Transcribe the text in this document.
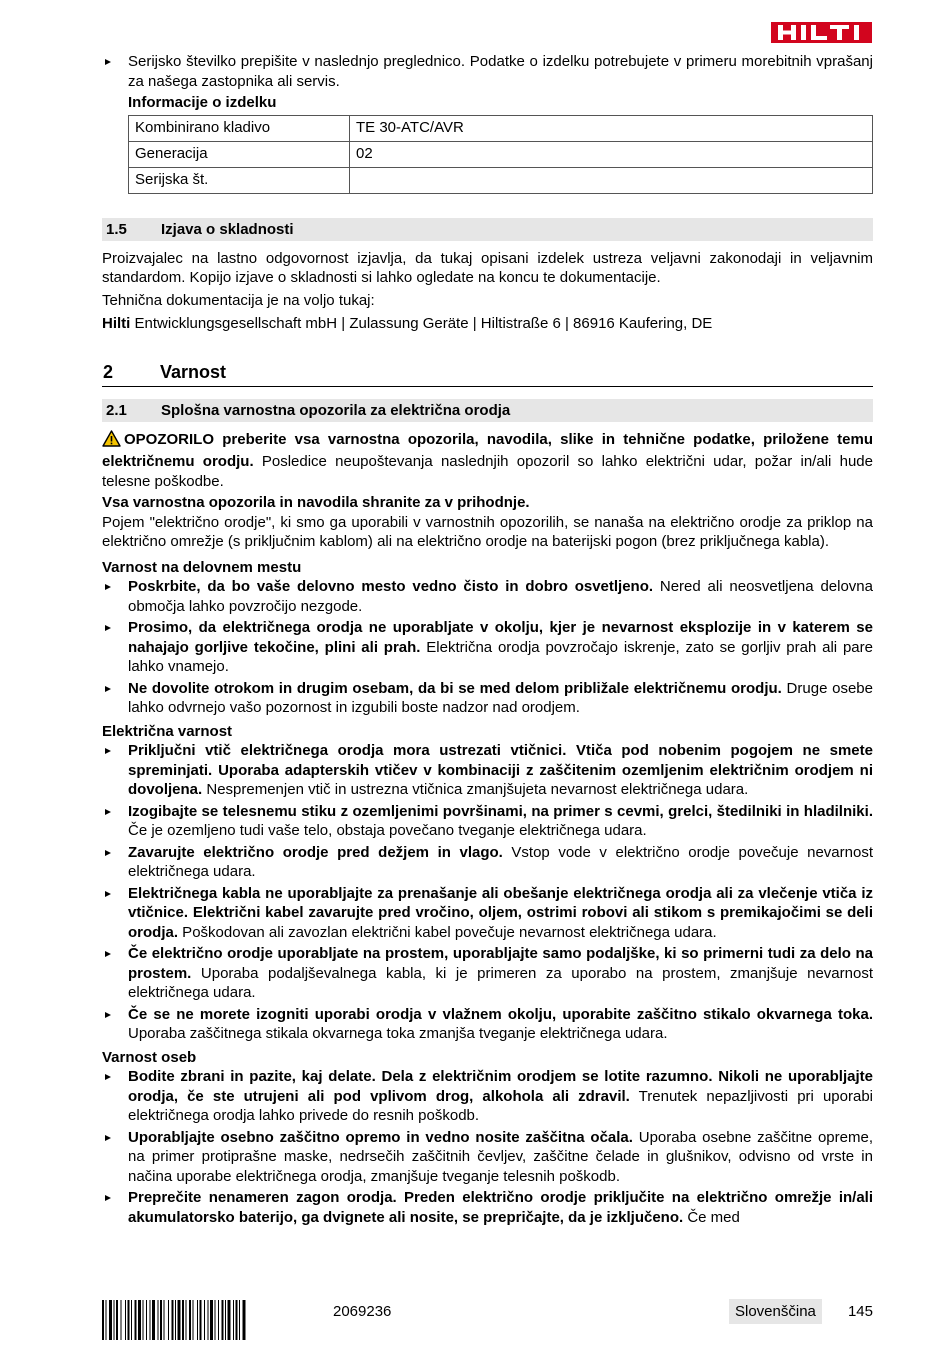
Serijsko številko prepišite v naslednjo preglednico. Podatke o izdelku potrebujete v primeru morebitnih vprašanj za našega zastopnika ali servis.

Informacije o izdelku

Kombinirano kladivo	TE 30-ATC/AVR
Generacija	02
Serijska št.	
1.5	Izjava o skladnosti

Proizvajalec na lastno odgovornost izjavlja, da tukaj opisani izdelek ustreza veljavni zakonodaji in veljavnim standardom. Kopijo izjave o skladnosti si lahko ogledate na koncu te dokumentacije.

Tehnična dokumentacija je na voljo tukaj:

Hilti Entwicklungsgesellschaft mbH | Zulassung Geräte | Hiltistraße 6 | 86916 Kaufering, DE

2	Varnost
2.1	Splošna varnostna opozorila za električna orodja

OPOZORILO preberite vsa varnostna opozorila, navodila, slike in tehnične podatke, priložene temu električnemu orodju. Posledice neupoštevanja naslednjih opozoril so lahko električni udar, požar in/ali hude telesne poškodbe.

Vsa varnostna opozorila in navodila shranite za v prihodnje.

Pojem "električno orodje", ki smo ga uporabili v varnostnih opozorilih, se nanaša na električno orodje za priklop na električno omrežje (s priključnim kablom) ali na električno orodje na baterijski pogon (brez priključnega kabla).

Varnost na delovnem mestu

Poskrbite, da bo vaše delovno mesto vedno čisto in dobro osvetljeno. Nered ali neosvetljena delovna območja lahko povzročijo nezgode.
Prosimo, da električnega orodja ne uporabljate v okolju, kjer je nevarnost eksplozije in v katerem se nahajajo gorljive tekočine, plini ali prah. Električna orodja povzročajo iskrenje, zato se gorljiv prah ali pare lahko vnamejo.
Ne dovolite otrokom in drugim osebam, da bi se med delom približale električnemu orodju. Druge osebe lahko odvrnejo vašo pozornost in izgubili boste nadzor nad orodjem.

Električna varnost

Priključni vtič električnega orodja mora ustrezati vtičnici. Vtiča pod nobenim pogojem ne smete spreminjati. Uporaba adapterskih vtičev v kombinaciji z zaščitenim ozemljenim električnim orodjem ni dovoljena. Nespremenjen vtič in ustrezna vtičnica zmanjšujeta nevarnost električnega udara.
Izogibajte se telesnemu stiku z ozemljenimi površinami, na primer s cevmi, grelci, štedilniki in hladilniki. Če je ozemljeno tudi vaše telo, obstaja povečano tveganje električnega udara.
Zavarujte električno orodje pred dežjem in vlago. Vstop vode v električno orodje povečuje nevarnost električnega udara.
Električnega kabla ne uporabljajte za prenašanje ali obešanje električnega orodja ali za vlečenje vtiča iz vtičnice. Električni kabel zavarujte pred vročino, oljem, ostrimi robovi ali stikom s premikajočimi se deli orodja. Poškodovan ali zavozlan električni kabel povečuje nevarnost električnega udara.
Če električno orodje uporabljate na prostem, uporabljajte samo podaljške, ki so primerni tudi za delo na prostem. Uporaba podaljševalnega kabla, ki je primeren za uporabo na prostem, zmanjšuje nevarnost električnega udara.
Če se ne morete izogniti uporabi orodja v vlažnem okolju, uporabite zaščitno stikalo okvarnega toka. Uporaba zaščitnega stikala okvarnega toka zmanjša tveganje električnega udara.

Varnost oseb

Bodite zbrani in pazite, kaj delate. Dela z električnim orodjem se lotite razumno. Nikoli ne uporabljajte orodja, če ste utrujeni ali pod vplivom drog, alkohola ali zdravil. Trenutek nepazljivosti pri uporabi električnega orodja lahko privede do resnih poškodb.
Uporabljajte osebno zaščitno opremo in vedno nosite zaščitna očala. Uporaba osebne zaščitne opreme, na primer protiprašne maske, nedrsečih zaščitnih čevljev, zaščitne čelade in glušnikov, odvisno od vrste in načina uporabe električnega orodja, zmanjšuje tveganje telesnih poškodb.
Preprečite nenameren zagon orodja. Preden električno orodje priključite na električno omrežje in/ali akumulatorsko baterijo, ga dvignete ali nosite, se prepričajte, da je izključeno. Če med
2069236	Slovenščina	145
